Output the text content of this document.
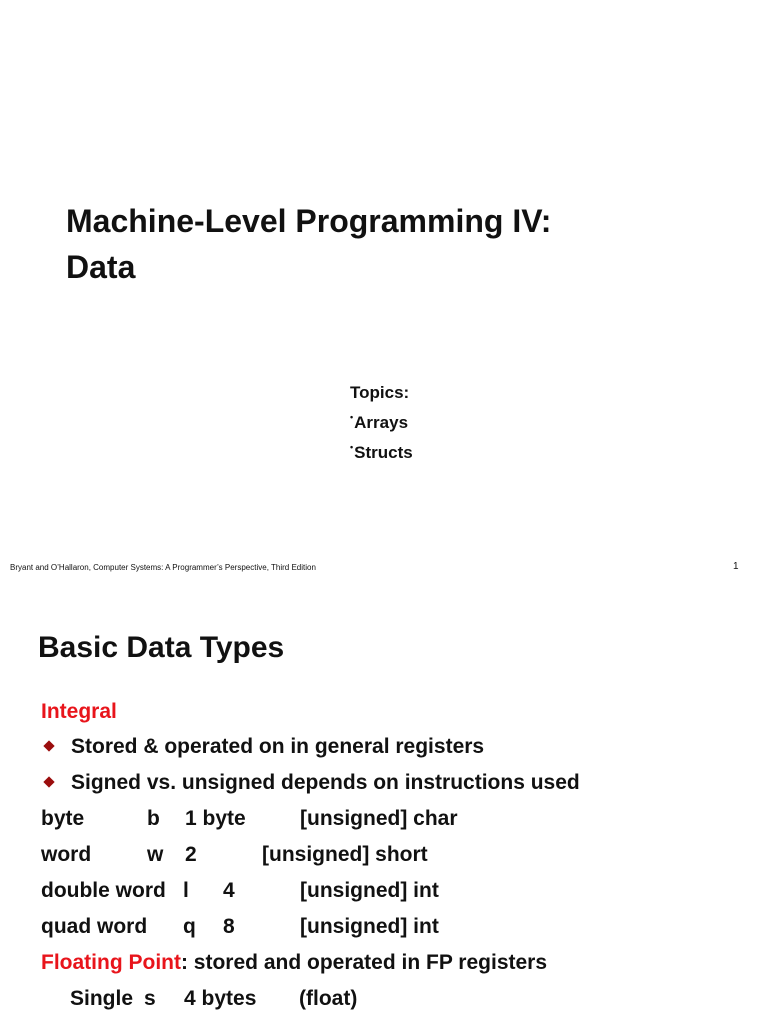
Machine-Level Programming IV:
Data
Topics:
• Arrays
• Structs
Bryant and O’Hallaron, Computer Systems: A Programmer’s Perspective, Third Edition	1
Basic Data Types
Integral
Stored & operated on in general registers
Signed vs. unsigned depends on instructions used
byte	b 1 byte	[unsigned] char
word	w 2	[unsigned] short
double word l 4	[unsigned] int
quad word q 8	[unsigned] int
Floating Point: stored and operated in FP registers
Single s 4 bytes (float)
